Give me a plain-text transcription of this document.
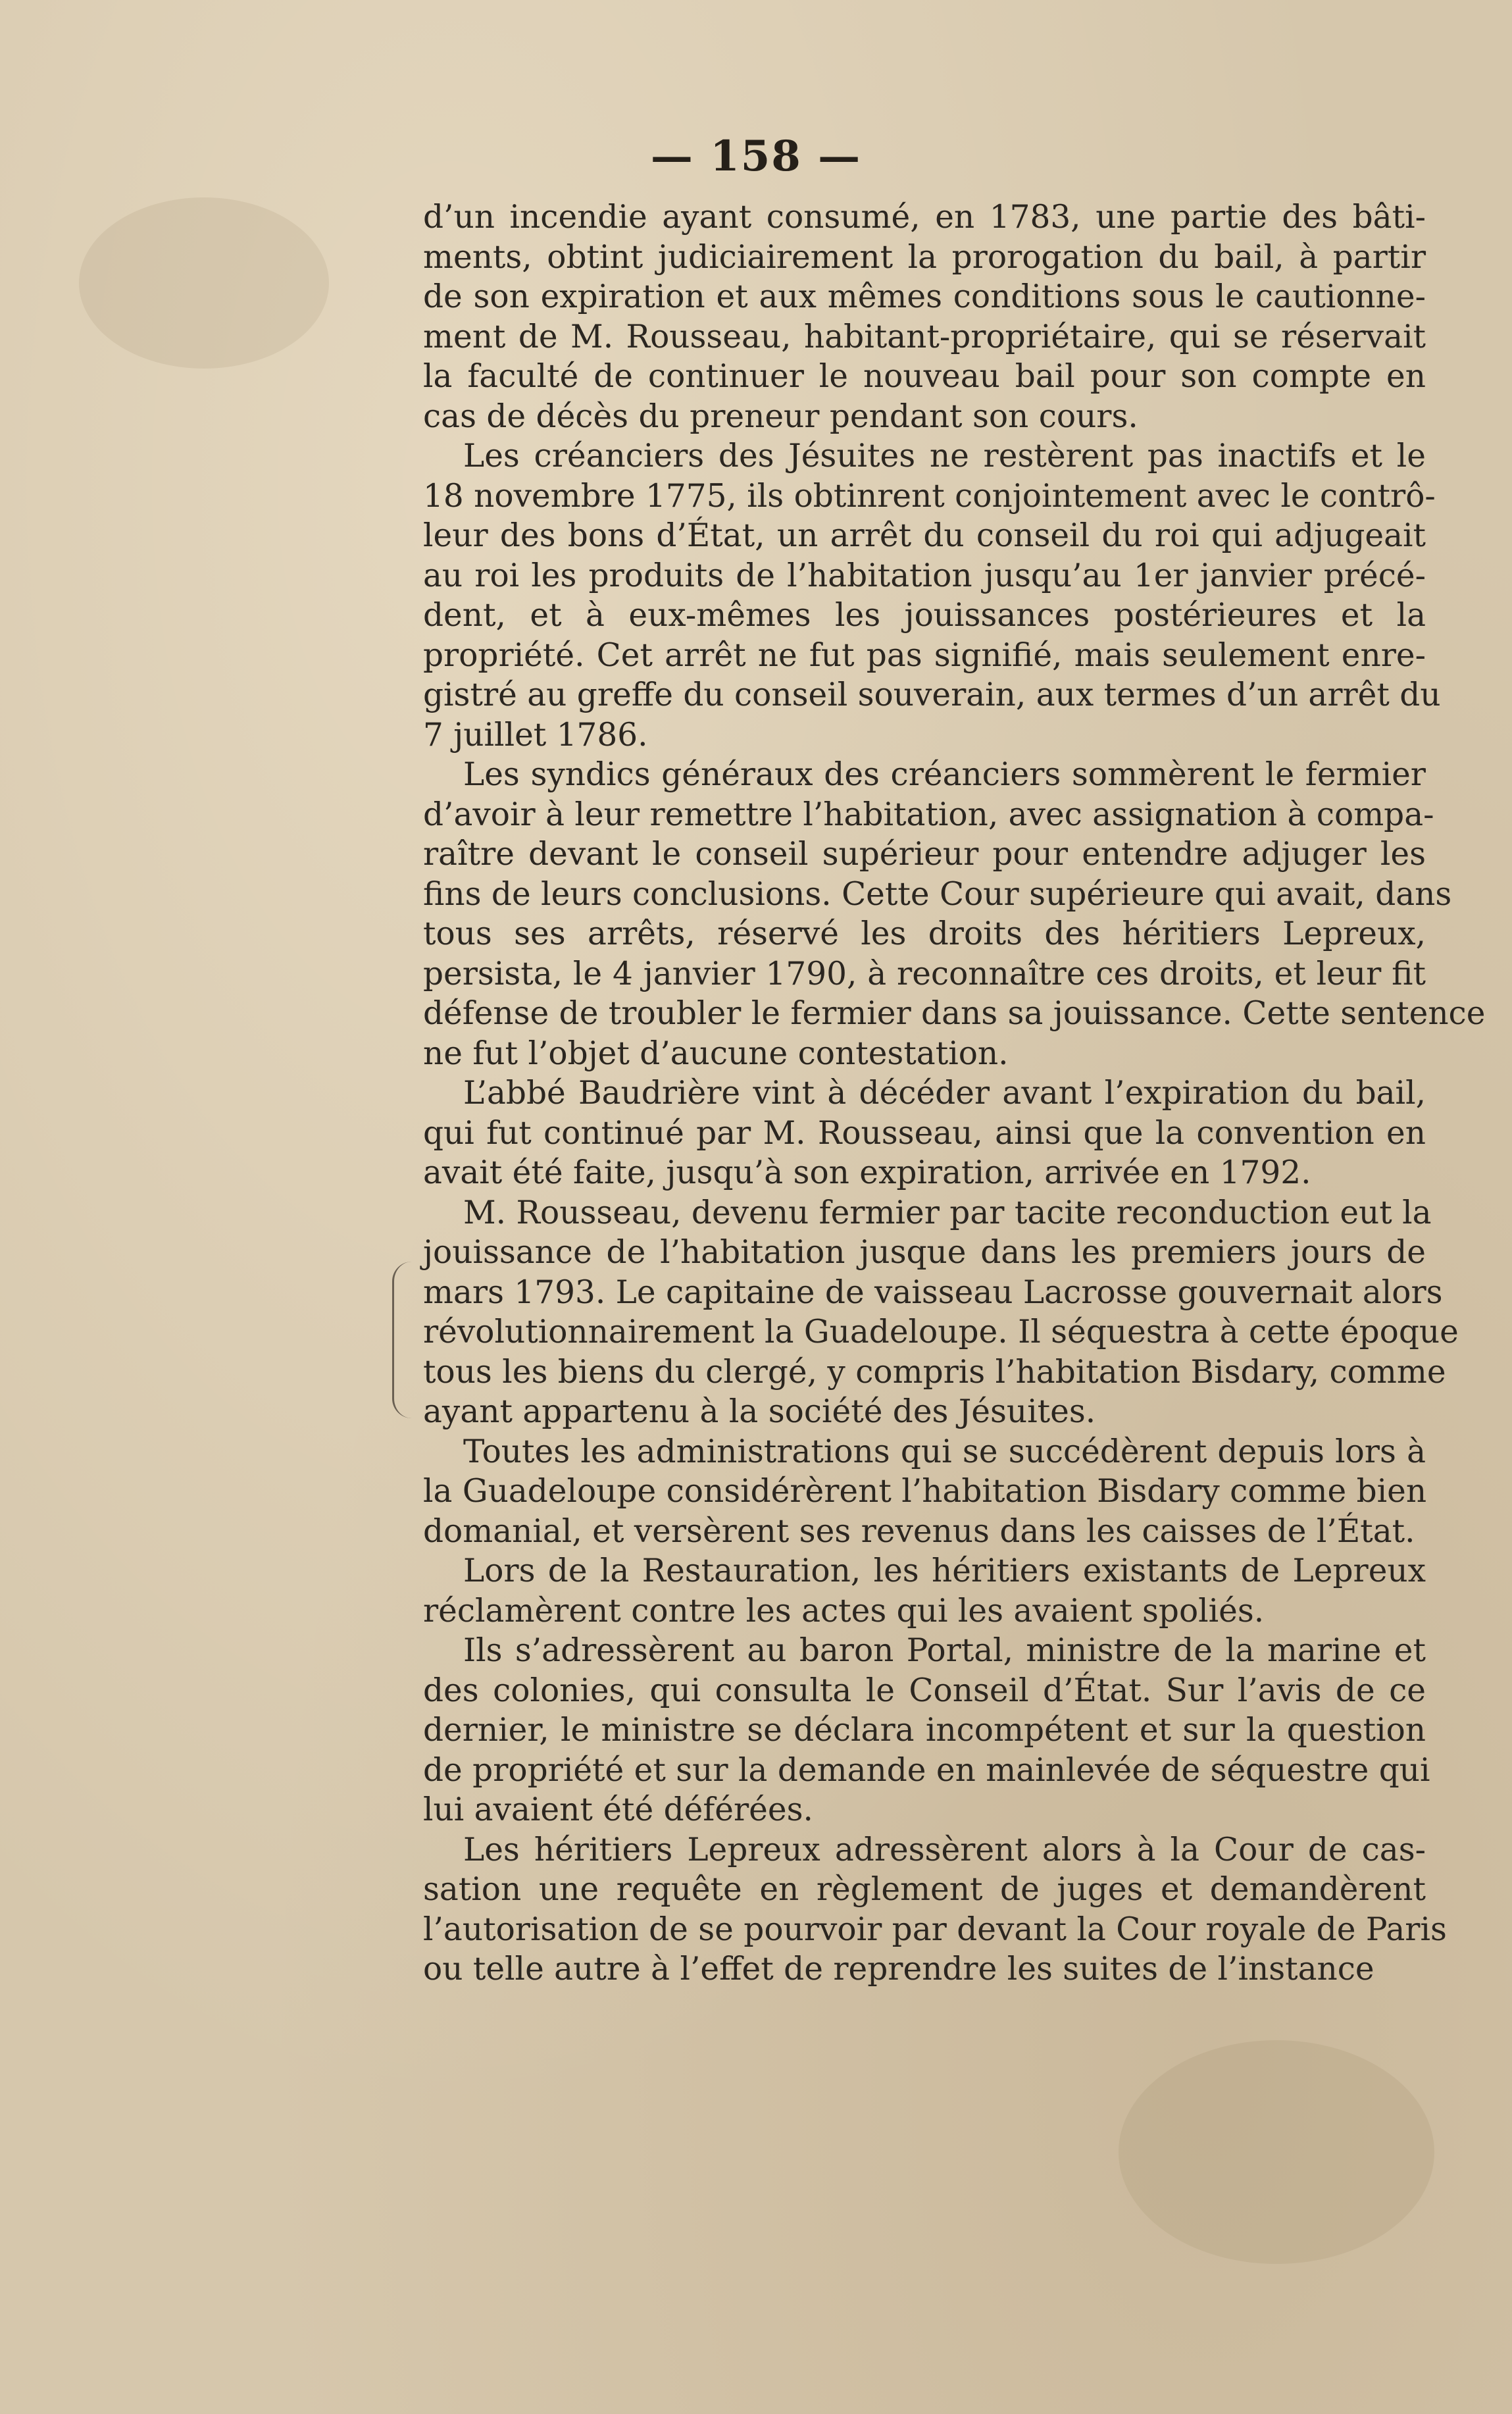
— 158 —
d’un incendie ayant consumé, en 1783, une partie des bâti-
ments, obtint judiciairement la prorogation du bail, à partir
de son expiration et aux mêmes conditions sous le cautionne-
ment de M. Rousseau, habitant-propriétaire, qui se réservait
la faculté de continuer le nouveau bail pour son compte en
cas de décès du preneur pendant son cours.
Les créanciers des Jésuites ne restèrent pas inactifs et le
18 novembre 1775, ils obtinrent conjointement avec le contrô-
leur des bons d’État, un arrêt du conseil du roi qui adjugeait
au roi les produits de l’habitation jusqu’au 1er janvier précé-
dent, et à eux-mêmes les jouissances postérieures et la
propriété. Cet arrêt ne fut pas signifié, mais seulement enre-
gistré au greffe du conseil souverain, aux termes d’un arrêt du
7 juillet 1786.
Les syndics généraux des créanciers sommèrent le fermier
d’avoir à leur remettre l’habitation, avec assignation à compa-
raître devant le conseil supérieur pour entendre adjuger les
fins de leurs conclusions. Cette Cour supérieure qui avait, dans
tous ses arrêts, réservé les droits des héritiers Lepreux,
persista, le 4 janvier 1790, à reconnaître ces droits, et leur fit
défense de troubler le fermier dans sa jouissance. Cette sentence
ne fut l’objet d’aucune contestation.
L’abbé Baudrière vint à décéder avant l’expiration du bail,
qui fut continué par M. Rousseau, ainsi que la convention en
avait été faite, jusqu’à son expiration, arrivée en 1792.
M. Rousseau, devenu fermier par tacite reconduction eut la
jouissance de l’habitation jusque dans les premiers jours de
mars 1793. Le capitaine de vaisseau Lacrosse gouvernait alors
révolutionnairement la Guadeloupe. Il séquestra à cette époque
tous les biens du clergé, y compris l’habitation Bisdary, comme
ayant appartenu à la société des Jésuites.
Toutes les administrations qui se succédèrent depuis lors à
la Guadeloupe considérèrent l’habitation Bisdary comme bien
domanial, et versèrent ses revenus dans les caisses de l’État.
Lors de la Restauration, les héritiers existants de Lepreux
réclamèrent contre les actes qui les avaient spoliés.
Ils s’adressèrent au baron Portal, ministre de la marine et
des colonies, qui consulta le Conseil d’État. Sur l’avis de ce
dernier, le ministre se déclara incompétent et sur la question
de propriété et sur la demande en mainlevée de séquestre qui
lui avaient été déférées.
Les héritiers Lepreux adressèrent alors à la Cour de cas-
sation une requête en règlement de juges et demandèrent
l’autorisation de se pourvoir par devant la Cour royale de Paris
ou telle autre à l’effet de reprendre les suites de l’instance
